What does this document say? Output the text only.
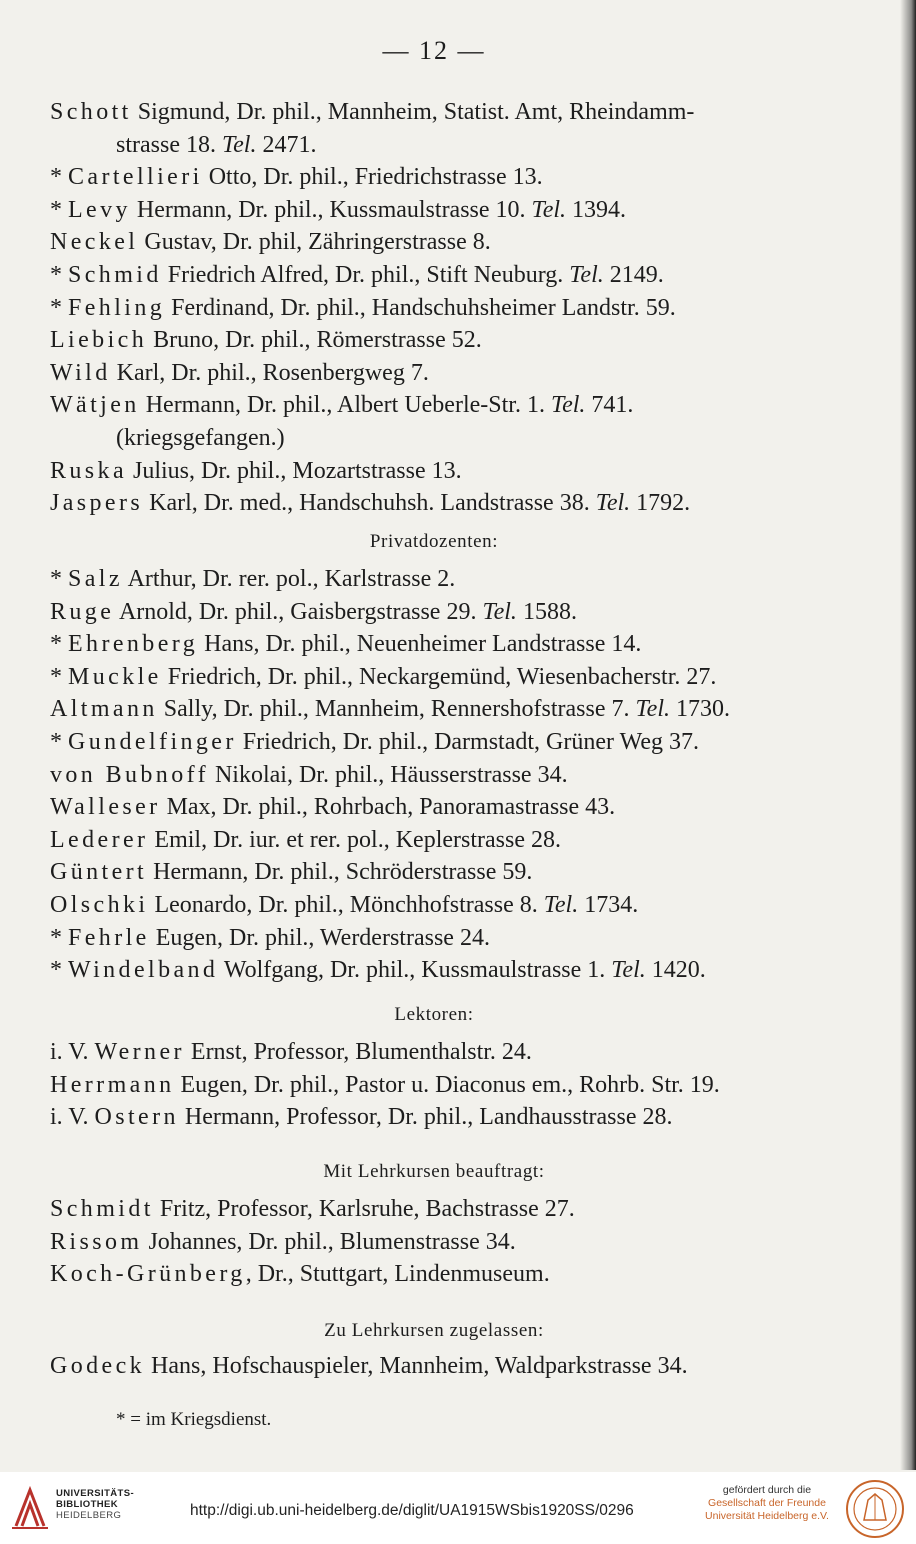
— 12 —
Schott Sigmund, Dr. phil., Mannheim, Statist. Amt, Rheindamm-
strasse 18. Tel. 2471.
* Cartellieri Otto, Dr. phil., Friedrichstrasse 13.
* Levy Hermann, Dr. phil., Kussmaulstrasse 10. Tel. 1394.
Neckel Gustav, Dr. phil, Zähringerstrasse 8.
* Schmid Friedrich Alfred, Dr. phil., Stift Neuburg. Tel. 2149.
* Fehling Ferdinand, Dr. phil., Handschuhsheimer Landstr. 59.
Liebich Bruno, Dr. phil., Römerstrasse 52.
Wild Karl, Dr. phil., Rosenbergweg 7.
Wätjen Hermann, Dr. phil., Albert Ueberle-Str. 1. Tel. 741.
(kriegsgefangen.)
Ruska Julius, Dr. phil., Mozartstrasse 13.
Jaspers Karl, Dr. med., Handschuhsh. Landstrasse 38. Tel. 1792.
Privatdozenten:
* Salz Arthur, Dr. rer. pol., Karlstrasse 2.
Ruge Arnold, Dr. phil., Gaisbergstrasse 29. Tel. 1588.
* Ehrenberg Hans, Dr. phil., Neuenheimer Landstrasse 14.
* Muckle Friedrich, Dr. phil., Neckargemünd, Wiesenbacherstr. 27.
Altmann Sally, Dr. phil., Mannheim, Rennershofstrasse 7. Tel. 1730.
* Gundelfinger Friedrich, Dr. phil., Darmstadt, Grüner Weg 37.
von Bubnoff Nikolai, Dr. phil., Häusserstrasse 34.
Walleser Max, Dr. phil., Rohrbach, Panoramastrasse 43.
Lederer Emil, Dr. iur. et rer. pol., Keplerstrasse 28.
Güntert Hermann, Dr. phil., Schröderstrasse 59.
Olschki Leonardo, Dr. phil., Mönchhofstrasse 8. Tel. 1734.
* Fehrle Eugen, Dr. phil., Werderstrasse 24.
* Windelband Wolfgang, Dr. phil., Kussmaulstrasse 1. Tel. 1420.
Lektoren:
i. V. Werner Ernst, Professor, Blumenthalstr. 24.
Herrmann Eugen, Dr. phil., Pastor u. Diaconus em., Rohrb. Str. 19.
i. V. Ostern Hermann, Professor, Dr. phil., Landhausstrasse 28.
Mit Lehrkursen beauftragt:
Schmidt Fritz, Professor, Karlsruhe, Bachstrasse 27.
Rissom Johannes, Dr. phil., Blumenstrasse 34.
Koch-Grünberg, Dr., Stuttgart, Lindenmuseum.
Zu Lehrkursen zugelassen:
Godeck Hans, Hofschauspieler, Mannheim, Waldparkstrasse 34.
* = im Kriegsdienst.
UNIVERSITÄTS-
BIBLIOTHEK
HEIDELBERG	http://digi.ub.uni-heidelberg.de/diglit/UA1915WSbis1920SS/0296
gefördert durch die
Gesellschaft der Freunde
Universität Heidelberg e.V.
